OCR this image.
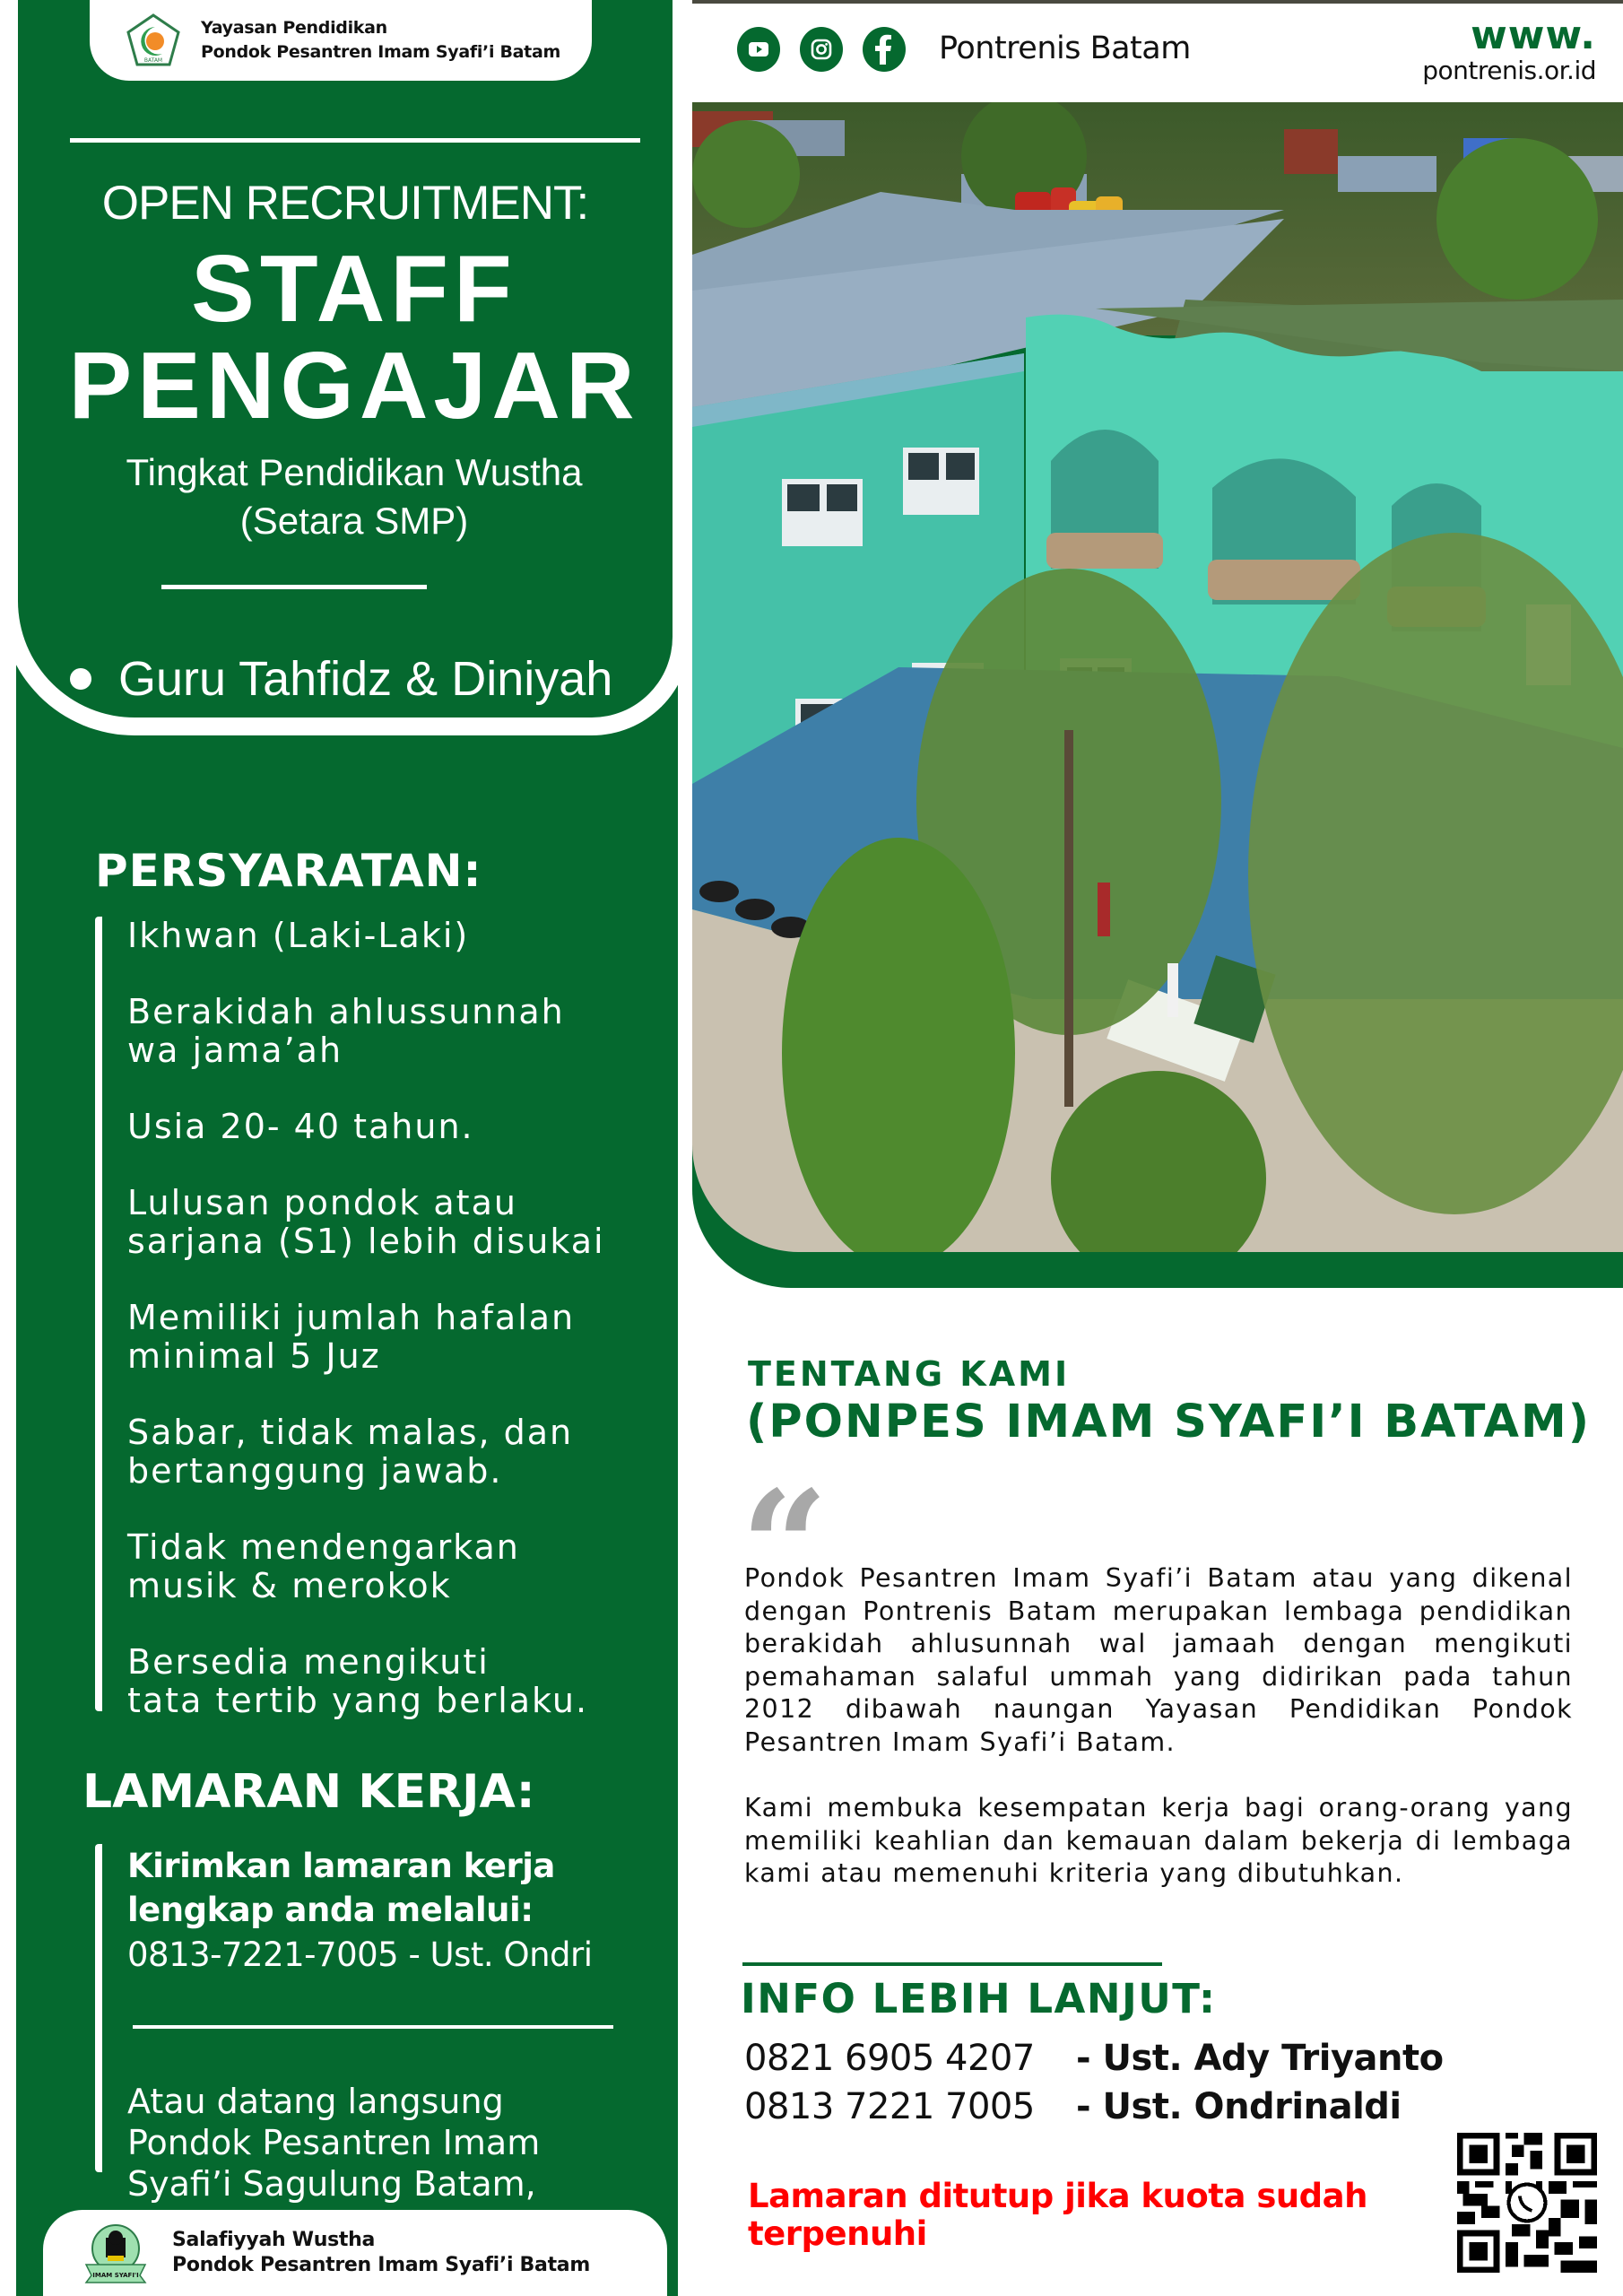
BATAM
Yayasan Pendidikan
Pondok Pesantren Imam Syafi’i Batam
OPEN RECRUITMENT:
STAFF
PENGAJAR
Tingkat Pendidikan Wustha
(Setara SMP)
Guru Tahfidz & Diniyah
PERSYARATAN:
Ikhwan (Laki-Laki)
Berakidah ahlussunnah
wa jama’ah
Usia 20- 40 tahun.
Lulusan pondok atau
sarjana (S1) lebih disukai
Memiliki jumlah hafalan
minimal 5 Juz
Sabar, tidak malas, dan
bertanggung jawab.
Tidak mendengarkan
musik & merokok
Bersedia mengikuti
tata tertib yang berlaku.
LAMARAN KERJA:
Kirimkan lamaran kerja
lengkap anda melalui:
0813-7221-7005 - Ust. Ondri
Atau datang langsung
Pondok Pesantren Imam
Syafi’i Sagulung Batam,
IMAM SYAFI'I
Salafiyyah Wustha
Pondok Pesantren Imam Syafi’i Batam
Pontrenis Batam	www.
pontrenis.or.id
TENTANG KAMI
(PONPES IMAM SYAFI’I BATAM)
“
Pondok Pesantren Imam Syafi’i Batam atau yang dikenal dengan Pontrenis Batam merupakan lembaga pendidikan berakidah ahlusunnah wal jamaah dengan mengikuti pemahaman salaful ummah yang didirikan pada tahun 2012 dibawah naungan Yayasan Pendidikan Pondok Pesantren Imam Syafi’i Batam.
Kami membuka kesempatan kerja bagi orang-orang yang memiliki keahlian dan kemauan dalam bekerja di lembaga kami atau memenuhi kriteria yang dibutuhkan.
INFO LEBIH LANJUT:
0821 6905 4207	- Ust. Ady Triyanto
0813 7221 7005	- Ust. Ondrinaldi
Lamaran ditutup jika kuota sudah
terpenuhi
